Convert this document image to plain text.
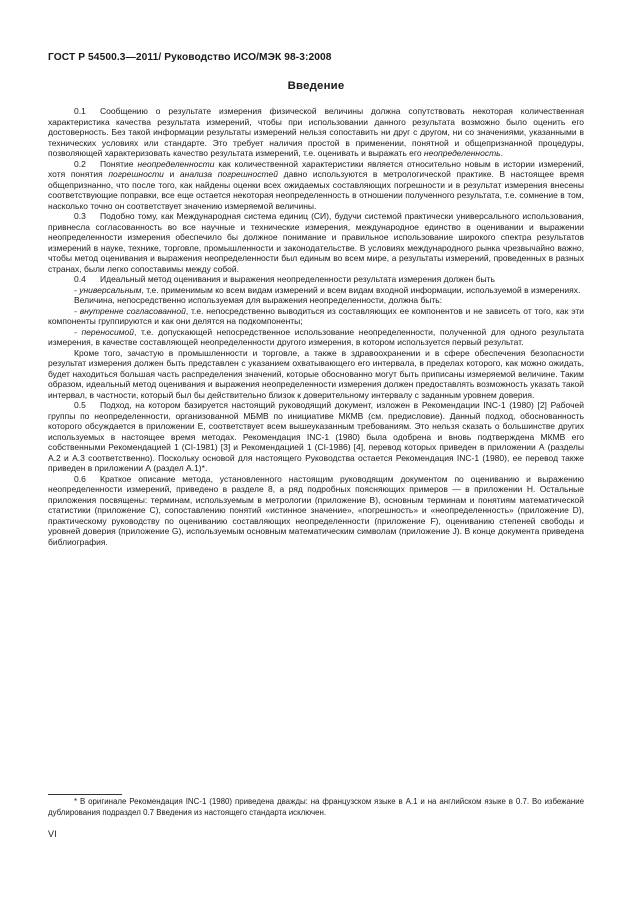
ГОСТ Р 54500.3—2011/ Руководство ИСО/МЭК 98-3:2008
Введение

0.1 Сообщению о результате измерения физической величины должна сопутствовать некоторая количественная характеристика качества результата измерений, чтобы при использовании данного результата возможно было оценить его достоверность. Без такой информации результаты измерений нельзя сопоставить ни друг с другом, ни со значениями, указанными в технических условиях или стандарте. Это требует наличия простой в применении, понятной и общепризнанной процедуры, позволяющей характеризовать качество результата измерений, т.е. оценивать и выражать его неопределенность.

0.2 Понятие неопределенности как количественной характеристики является относительно новым в истории измерений, хотя понятия погрешности и анализа погрешностей давно используются в метрологической практике. В настоящее время общепризнанно, что после того, как найдены оценки всех ожидаемых составляющих погрешности и в результат измерения внесены соответствующие поправки, все еще остается некоторая неопределенность в отношении полученного результата, т.е. сомнение в том, насколько точно он соответствует значению измеряемой величины.

0.3 Подобно тому, как Международная система единиц (СИ), будучи системой практически универсального использования, привнесла согласованность во все научные и технические измерения, международное единство в оценивании и выражении неопределенности измерения обеспечило бы должное понимание и правильное использование широкого спектра результатов измерений в науке, технике, торговле, промышленности и законодательстве. В условиях международного рынка чрезвычайно важно, чтобы метод оценивания и выражения неопределенности был единым во всем мире, а результаты измерений, проведенных в разных странах, были легко сопоставимы между собой.

0.4 Идеальный метод оценивания и выражения неопределенности результата измерения должен быть

- универсальным, т.е. применимым ко всем видам измерений и всем видам входной информации, используемой в измерениях.

Величина, непосредственно используемая для выражения неопределенности, должна быть:

- внутренне согласованной, т.е. непосредственно выводиться из составляющих ее компонентов и не зависеть от того, как эти компоненты группируются и как они делятся на подкомпоненты;

- переносимой, т.е. допускающей непосредственное использование неопределенности, полученной для одного результата измерения, в качестве составляющей неопределенности другого измерения, в котором используется первый результат.

Кроме того, зачастую в промышленности и торговле, а также в здравоохранении и в сфере обеспечения безопасности результат измерения должен быть представлен с указанием охватывающего его интервала, в пределах которого, как можно ожидать, будет находиться большая часть распределения значений, которые обоснованно могут быть приписаны измеряемой величине. Таким образом, идеальный метод оценивания и выражения неопределенности измерения должен предоставлять возможность указать такой интервал, в частности, который был бы действительно близок к доверительному интервалу с заданным уровнем доверия.

0.5 Подход, на котором базируется настоящий руководящий документ, изложен в Рекомендации INC-1 (1980) [2] Рабочей группы по неопределенности, организованной МБМВ по инициативе МКМВ (см. предисловие). Данный подход, обоснованность которого обсуждается в приложении Е, соответствует всем вышеуказанным требованиям. Это нельзя сказать о большинстве других используемых в настоящее время методах. Рекомендация INC-1 (1980) была одобрена и вновь подтверждена МКМВ его собственными Рекомендацией 1 (CI-1981) [3] и Рекомендацией 1 (CI-1986) [4], перевод которых приведен в приложении А (разделы А.2 и А.3 соответственно). Поскольку основой для настоящего Руководства остается Рекомендация INC-1 (1980), ее перевод также приведен в приложении А (раздел А.1)*.

0.6 Краткое описание метода, установленного настоящим руководящим документом по оцениванию и выражению неопределенности измерений, приведено в разделе 8, а ряд подробных поясняющих примеров — в приложении Н. Остальные приложения посвящены: терминам, используемым в метрологии (приложение В), основным терминам и понятиям математической статистики (приложение С), сопоставлению понятий «истинное значение», «погрешность» и «неопределенность» (приложение D), практическому руководству по оцениванию составляющих неопределенности (приложение F), оцениванию степеней свободы и уровней доверия (приложение G), используемым основным математическим символам (приложение J). В конце документа приведена библиография.

* В оригинале Рекомендация INC-1 (1980) приведена дважды: на французском языке в А.1 и на английском языке в 0.7. Во избежание дублирования подраздел 0.7 Введения из настоящего стандарта исключен.
VI
